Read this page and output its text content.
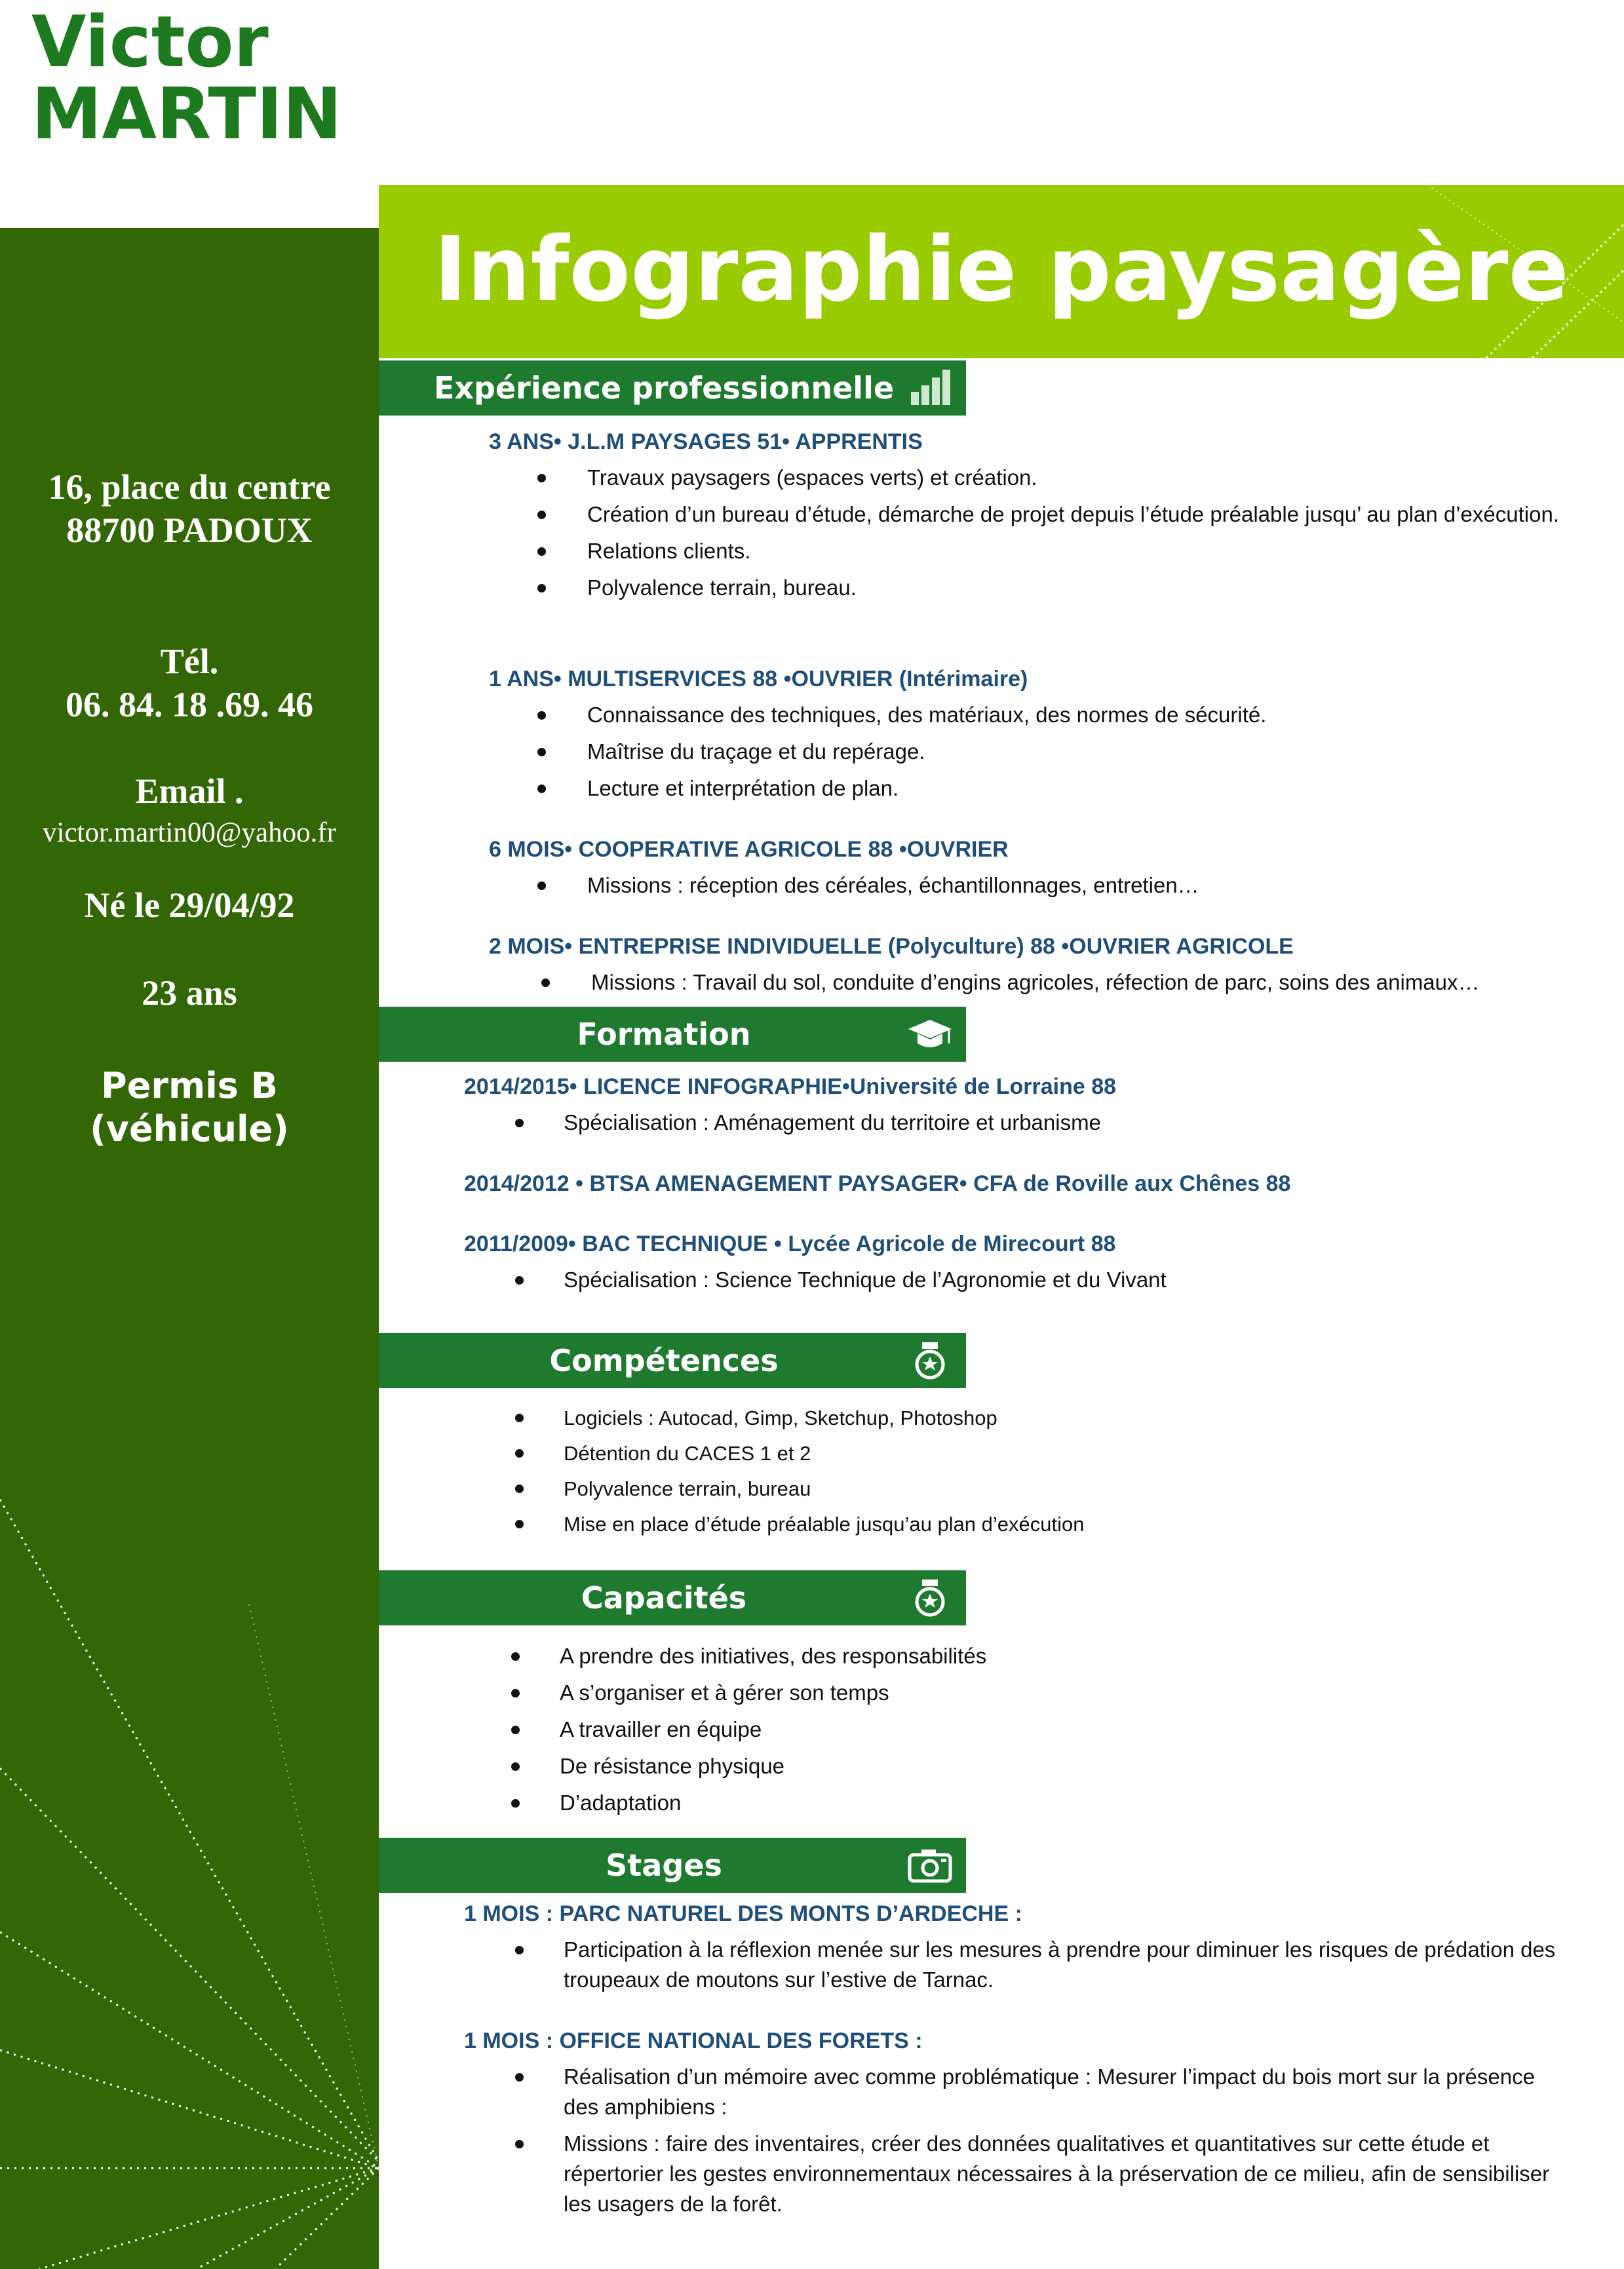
Victor
MARTIN
Infographie paysagère
16, place du centre
88700 PADOUX
Tél.
06. 84. 18 .69. 46
Email .
victor.martin00@yahoo.fr
Né le 29/04/92
23 ans
Permis B (véhicule)
Expérience professionnelle
3 ANS• J.L.M PAYSAGES 51• APPRENTIS
Travaux paysagers (espaces verts) et création.
Création d’un bureau d’étude, démarche de projet depuis l’étude préalable jusqu’ au plan d’exécution.
Relations clients.
Polyvalence terrain, bureau.
1 ANS• MULTISERVICES 88 •OUVRIER (Intérimaire)
Connaissance des techniques, des matériaux, des normes de sécurité.
Maîtrise du traçage et du repérage.
Lecture et interprétation de plan.
6 MOIS• COOPERATIVE AGRICOLE 88 •OUVRIER
Missions : réception des céréales, échantillonnages, entretien…
2 MOIS• ENTREPRISE INDIVIDUELLE (Polyculture) 88 •OUVRIER AGRICOLE
Missions : Travail du sol, conduite d’engins agricoles, réfection de parc, soins des animaux…
Formation
2014/2015• LICENCE INFOGRAPHIE•Université de Lorraine 88
Spécialisation : Aménagement du territoire et urbanisme
2014/2012 • BTSA AMENAGEMENT PAYSAGER• CFA de Roville aux Chênes 88
2011/2009• BAC TECHNIQUE • Lycée Agricole de Mirecourt 88
Spécialisation : Science Technique de l’Agronomie et du Vivant
Compétences
Logiciels : Autocad, Gimp, Sketchup, Photoshop
Détention du CACES 1 et 2
Polyvalence terrain, bureau
Mise en place d’étude préalable jusqu’au plan d’exécution
Capacités
A prendre des initiatives, des responsabilités
A s’organiser et à gérer son temps
A travailler en équipe
De résistance physique
D’adaptation
Stages
1 MOIS : PARC NATUREL DES MONTS D’ARDECHE :
Participation à la réflexion menée sur les mesures à prendre pour diminuer les risques de prédation des troupeaux de moutons sur l’estive de Tarnac.
1 MOIS : OFFICE NATIONAL DES FORETS :
Réalisation d’un mémoire avec comme problématique : Mesurer l’impact du bois mort sur la présence des amphibiens :
Missions : faire des inventaires, créer des données qualitatives et quantitatives sur cette étude et répertorier les gestes environnementaux nécessaires à la préservation de ce milieu, afin de sensibiliser les usagers de la forêt.
